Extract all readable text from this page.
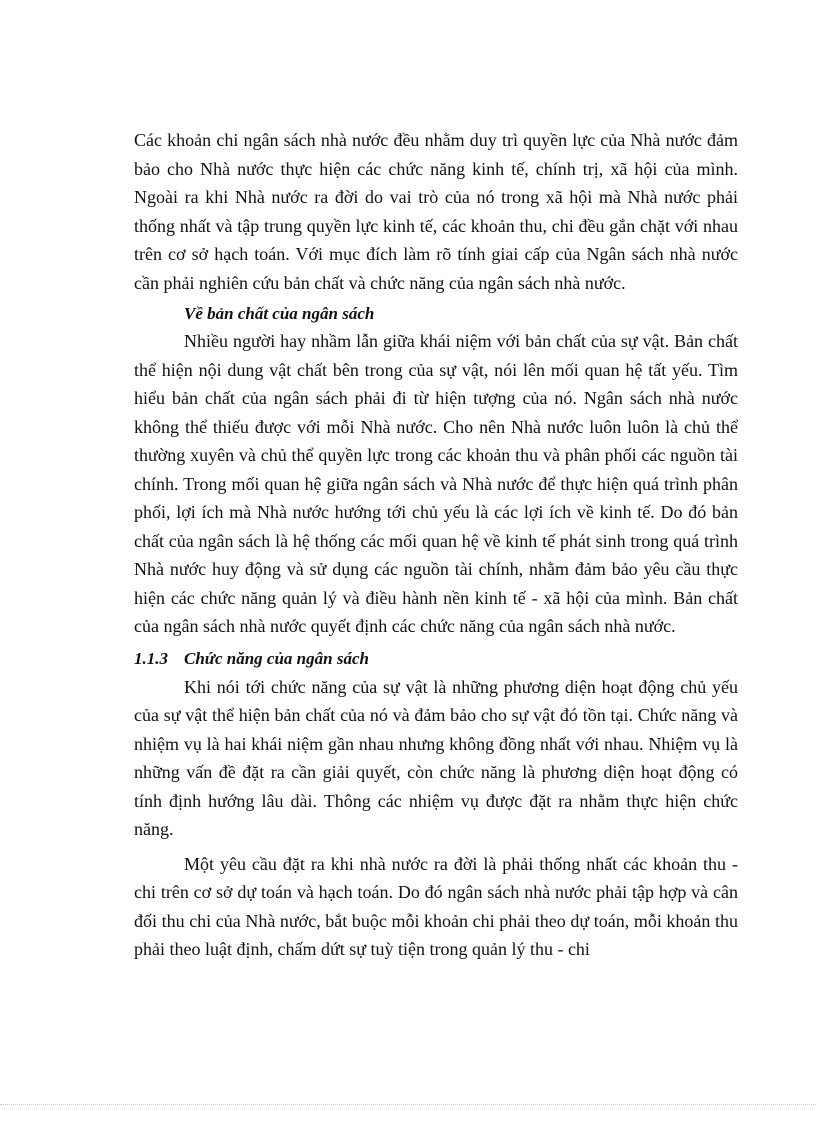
Các khoản chi ngân sách nhà nước đều nhằm duy trì quyền lực của Nhà nước đảm bảo cho Nhà nước thực hiện các chức năng kinh tế, chính trị, xã hội của mình. Ngoài ra khi Nhà nước ra đời do vai trò của nó trong xã hội mà Nhà nước phải thống nhất và tập trung quyền lực kinh tế, các khoản thu, chi đều gắn chặt với nhau trên cơ sở hạch toán. Với mục đích làm rõ tính giai cấp của Ngân sách nhà nước cần phải nghiên cứu bản chất và chức năng của ngân sách nhà nước.

Về bản chất của ngân sách

Nhiều người hay nhầm lẫn giữa khái niệm với bản chất của sự vật. Bản chất thể hiện nội dung vật chất bên trong của sự vật, nói lên mối quan hệ tất yếu. Tìm hiểu bản chất của ngân sách phải đi từ hiện tượng của nó. Ngân sách nhà nước không thể thiếu được với mỗi Nhà nước. Cho nên Nhà nước luôn luôn là chủ thể thường xuyên và chủ thể quyền lực trong các khoản thu và phân phối các nguồn tài chính. Trong mối quan hệ giữa ngân sách và Nhà nước để thực hiện quá trình phân phối, lợi ích mà Nhà nước hướng tới chủ yếu là các lợi ích về kinh tế. Do đó bản chất của ngân sách là hệ thống các mối quan hệ về kinh tế phát sinh trong quá trình Nhà nước huy động và sử dụng các nguồn tài chính, nhằm đảm bảo yêu cầu thực hiện các chức năng quản lý và điều hành nền kinh tế - xã hội của mình. Bản chất của ngân sách nhà nước quyết định các chức năng của ngân sách nhà nước.

1.1.3 Chức năng của ngân sách

Khi nói tới chức năng của sự vật là những phương diện hoạt động chủ yếu của sự vật thể hiện bản chất của nó và đảm bảo cho sự vật đó tồn tại. Chức năng và nhiệm vụ là hai khái niệm gần nhau nhưng không đồng nhất với nhau. Nhiệm vụ là những vấn đề đặt ra cần giải quyết, còn chức năng là phương diện hoạt động có tính định hướng lâu dài. Thông các nhiệm vụ được đặt ra nhằm thực hiện chức năng.

Một yêu cầu đặt ra khi nhà nước ra đời là phải thống nhất các khoản thu - chi trên cơ sở dự toán và hạch toán. Do đó ngân sách nhà nước phải tập hợp và cân đối thu chi của Nhà nước, bắt buộc mỗi khoản chi phải theo dự toán, mỗi khoản thu phải theo luật định, chấm dứt sự tuỳ tiện trong quản lý thu - chi
